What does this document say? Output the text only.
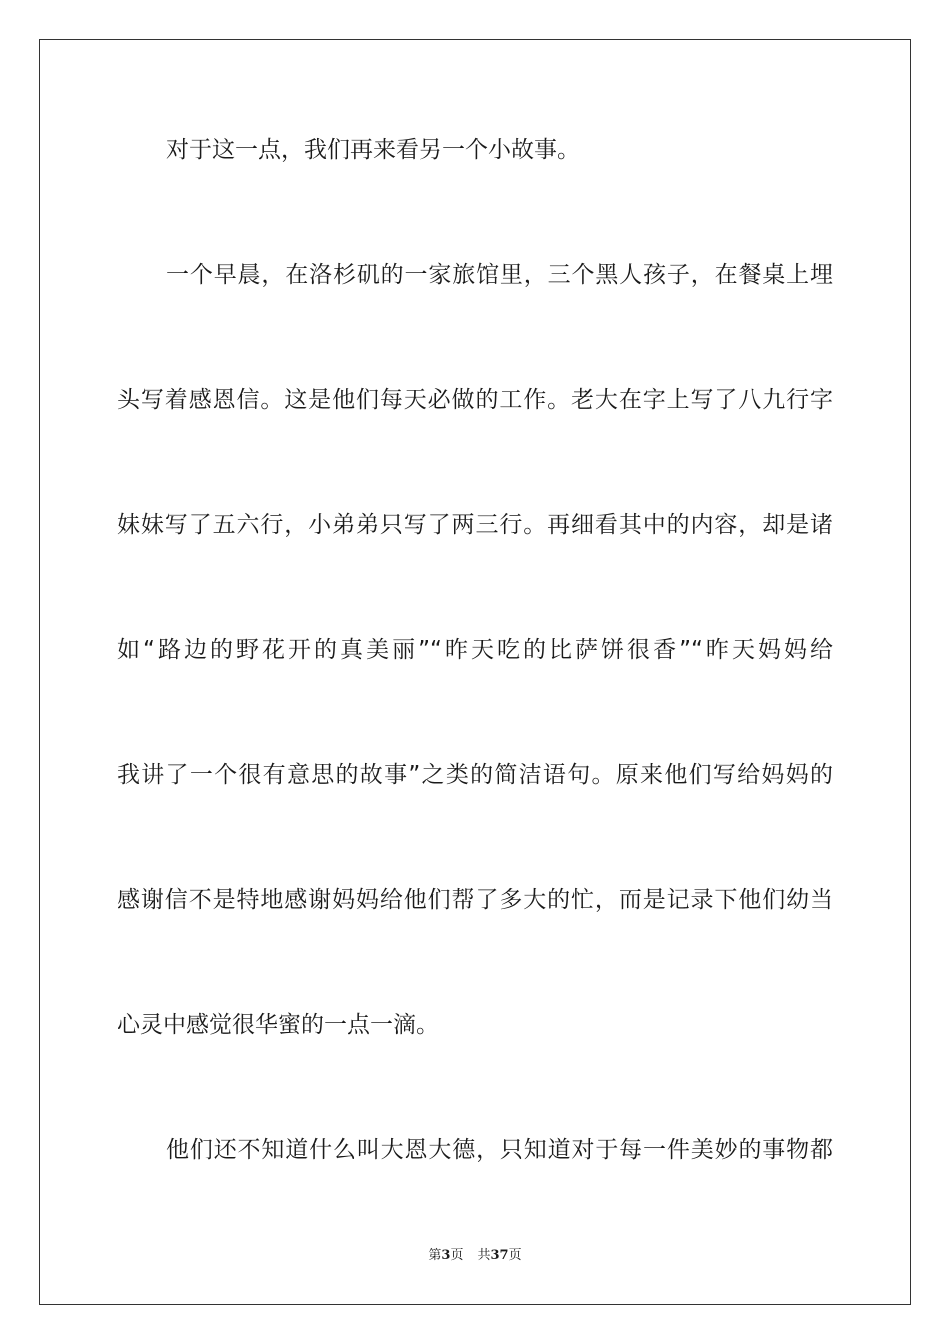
对于这一点，我们再来看另一个小故事。
一个早晨，在洛杉矶的一家旅馆里，三个黑人孩子，在餐桌上埋
头写着感恩信。这是他们每天必做的工作。老大在字上写了八九行字
妹妹写了五六行，小弟弟只写了两三行。再细看其中的内容，却是诸
如“路边的野花开的真美丽”“昨天吃的比萨饼很香”“昨天妈妈给
我讲了一个很有意思的故事”之类的简洁语句。原来他们写给妈妈的
感谢信不是特地感谢妈妈给他们帮了多大的忙，而是记录下他们幼当
心灵中感觉很华蜜的一点一滴。
他们还不知道什么叫大恩大德，只知道对于每一件美妙的事物都
第3页 共37页
